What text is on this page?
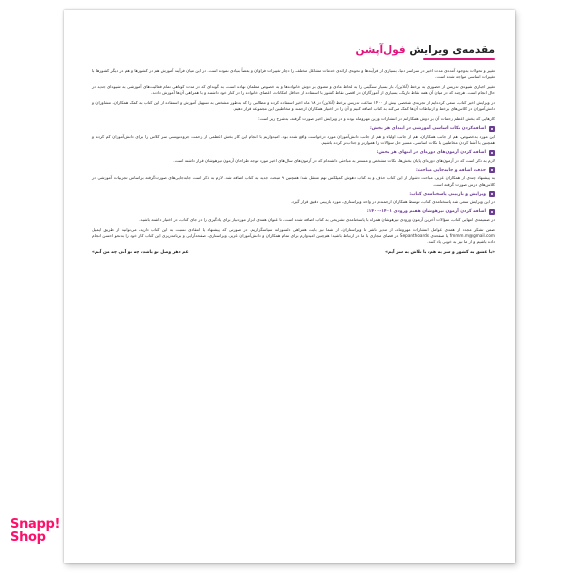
مقدمه‌ی ویرایش فول‌آپشن

تغییر و تحولات به‌وجود آمده‌ی مدت اخیر در سراسر دنیا، بسیاری از فرآیندها و نحوه‌ی ارائه‌ی خدمات مشاغل مختلف را دچار تغییرات فراوان و بعضاً بنیادی نموده است. در این میان فرآیند آموزش هم در کشورها و هم در دیگر کشورها با تغییرات اساسی مواجه شده است.

تغییر اجباری شیوه‌ی تدریس از حضوری به برخط (آنلاین)، بار بسیار سنگینی را به لحاظ مادی و معنوی بر دوش خانواده‌ها و به خصوص معلمان نهاده است، به گونه‌ای که در مدت کوتاهی تمام فعالیت‌های آموزشی به شیوه‌ای جدید در حال انجام است. هرچند که در میان آن همه نقاط تاریک، بسیاری از آموزگاران در اقصی نقاط کشور با استفاده از حداقل امکانات، اعضای خانواده را در کنار خود داشتند و با همراهی آن‌ها آموزش دادند.

در ویرایش اخیر کتاب، سعی کرده‌ایم از تجربه‌ی شخصی بیش از ۱۴۰۰ ساعت تدریس برخط (آنلاین) در ۱۸ ماه اخیر استفاده کرده و مطالبی را که به‌طور مشخص به تسهیل آموزش و استفاده از این کتاب به کمک همکاران، مشاوران و دانش‌آموزان در کلاس‌های برخط و ارتباطات آن‌ها کمک می‌کند به کتاب اضافه کنیم و آن را در اختیار همکاران ارجمند و مخاطبین این مجموعه قرار دهیم.

کارهایی که بخش اعظم زحمات آن بر دوش همکارانم در انتشارات وزین مهروماه بوده و در ویرایش اخیر صورت گرفته، به‌شرح زیر است:

اضافه‌کردن نکات اساسی آموزشی در ابتدای هر بخش:

این مورد به‌خصوص، هم از جانب همکاران، هم از جانب اولیاء و هم از جانب دانش‌آموزان مورد درخواست واقع شده بود. امیدواریم با انجام این کار بخش اعظمی از زحمت جزوه‌نویسی سر کلاس را برای دانش‌آموزان کم کرده و همچنین با آشنا کردن مخاطبین با نکات اساسی، مسیر حل سؤالات را هموارتر و جذاب‌تر کرده باشیم.

اضافه کردن آزمون‌های دوره‌ای در انتهای هر بخش:

لازم به ذکر است که در آزمون‌های دوره‌ای پایان بخش‌ها، نکات مشخص و مستتر به مباحثی داشته‌ام که در آزمون‌های سال‌های اخیر مورد توجه طراحان آزمون تیزهوشان قرار داشته است.

حذف، اضافه و جابه‌جایی مباحث:

به پیشنهاد چندی از همکاران عزیز، مباحث دشوار از این کتاب حذف و به کتاب دهوش کمپلکس نهم منتقل شد؛ همچنین ۹ مبحث جدید به کتاب اضافه شد. لازم به ذکر است جابه‌جایی‌های صورت‌گرفته براساس تجربیات آموزشی در کلاس‌های درس صورت گرفته است.

ویرایش و بازبینی پاسخنامه‌ی کتاب:

در این ویرایش سعی شد پاسخنامه‌ی کتاب، توسط همکاران ارجمندم در واحد ویراستاری، مورد بازبینی دقیق قرار گیرد.

اضافه کردن آزمون تیزهوشان هفتم ورودی ۱۴۰۱-۱۴۰۰:

در ضمیمه‌ی انتهایی کتاب، سؤالات آخرین آزمون ورودی تیزهوشان همراه با پاسخنامه‌ی تشریحی به کتاب اضافه شده است، تا عنوان همه‌ی ابزار موردنیاز برای یادگیری را در جای کتاب، در اختیار داشته باشید.

ضمن تشکر مجدد از همه‌ی عوامل انتشارات مهروماه، از مدیر ناشر تا ویراستاران، از شما نیز بابت همراهی دلسوزانه سپاسگزاریم. در صورتی که پیشنهاد یا انتقادی نسبت به این کتاب دارید، می‌توانید از طریق ایمیل fmmm.m@gmail.com یا صفحه‌ی Sepanthoards در فضای مجازی با ما در ارتباط باشید؛ هم‌چنین امیدوارم برای تمام همکاران و دانش‌آموزان عزیز، ویراستاری، صفحه‌آرایی و برنامه‌ریزی این کتاب کار خود را به‌نحو احسن انجام داده باشیم و از ما نیز به خوبی یاد کنند.

«با عشق به کشور و سر به هم، با تلاش به سر آیم»
غم دهر وصل تو باشد، چه تو آنی چه من آنم»
Snapp!
Shop
